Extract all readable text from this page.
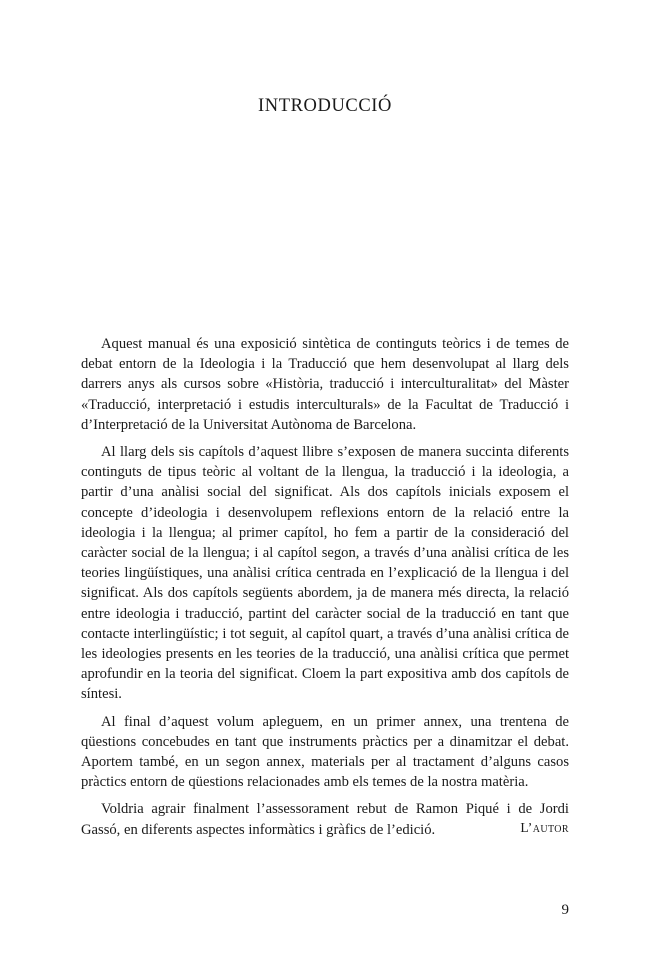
INTRODUCCIÓ

Aquest manual és una exposició sintètica de continguts teòrics i de temes de debat entorn de la Ideologia i la Traducció que hem desenvolupat al llarg dels darrers anys als cursos sobre «Història, traducció i interculturalitat» del Màster «Traducció, interpretació i estudis interculturals» de la Facultat de Traducció i d’Interpretació de la Universitat Autònoma de Barcelona.

Al llarg dels sis capítols d’aquest llibre s’exposen de manera succinta diferents continguts de tipus teòric al voltant de la llengua, la traducció i la ideologia, a partir d’una anàlisi social del significat. Als dos capítols inicials exposem el concepte d’ideologia i desenvolupem reflexions entorn de la relació entre la ideologia i la llengua; al primer capítol, ho fem a partir de la consideració del caràcter social de la llengua; i al capítol segon, a través d’una anàlisi crítica de les teories lingüístiques, una anàlisi crítica centrada en l’explicació de la llengua i del significat. Als dos capítols següents abordem, ja de manera més directa, la relació entre ideologia i traducció, partint del caràcter social de la traducció en tant que contacte interlingüístic; i tot seguit, al capítol quart, a través d’una anàlisi crítica de les ideologies presents en les teories de la traducció, una anàlisi crítica que permet aprofundir en la teoria del significat. Cloem la part expositiva amb dos capítols de síntesi.

Al final d’aquest volum apleguem, en un primer annex, una trentena de qüestions concebudes en tant que instruments pràctics per a dinamitzar el debat. Aportem també, en un segon annex, materials per al tractament d’alguns casos pràctics entorn de qüestions relacionades amb els temes de la nostra matèria.

Voldria agrair finalment l’assessorament rebut de Ramon Piqué i de Jordi Gassó, en diferents aspectes informàtics i gràfics de l’edició.	L’autor

9
